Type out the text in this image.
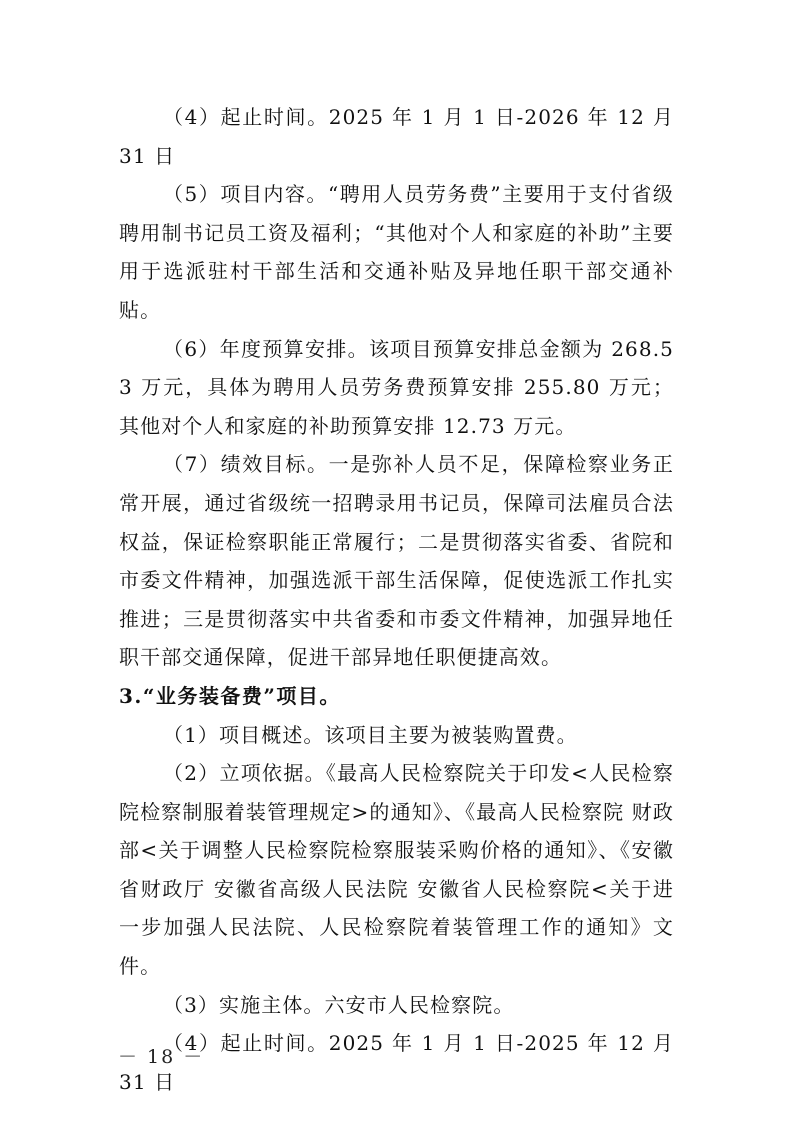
（4）起止时间。2025 年 1 月 1 日-2026 年 12 月 31 日

（5）项目内容。“聘用人员劳务费”主要用于支付省级聘用制书记员工资及福利；“其他对个人和家庭的补助”主要用于选派驻村干部生活和交通补贴及异地任职干部交通补贴。

（6）年度预算安排。该项目预算安排总金额为 268.53 万元，具体为聘用人员劳务费预算安排 255.80 万元；其他对个人和家庭的补助预算安排 12.73 万元。

（7）绩效目标。一是弥补人员不足，保障检察业务正常开展，通过省级统一招聘录用书记员，保障司法雇员合法权益，保证检察职能正常履行；二是贯彻落实省委、省院和市委文件精神，加强选派干部生活保障，促使选派工作扎实推进；三是贯彻落实中共省委和市委文件精神，加强异地任职干部交通保障，促进干部异地任职便捷高效。

3.“业务装备费”项目。

（1）项目概述。该项目主要为被装购置费。

（2）立项依据。《最高人民检察院关于印发<人民检察院检察制服着装管理规定>的通知》、《最高人民检察院 财政部<关于调整人民检察院检察服装采购价格的通知》、《安徽省财政厅 安徽省高级人民法院 安徽省人民检察院<关于进一步加强人民法院、人民检察院着装管理工作的通知》文件。

（3）实施主体。六安市人民检察院。

（4）起止时间。2025 年 1 月 1 日-2025 年 12 月 31 日

－ 18 －
